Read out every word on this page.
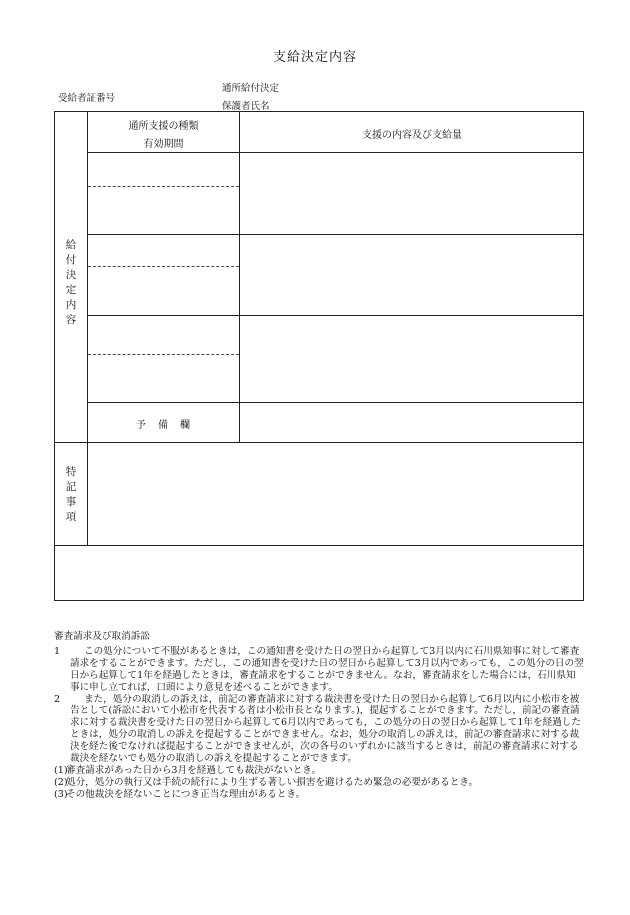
支給決定内容
受給者証番号
通所給付決定
保護者氏名
通所支援の種類
有効期間
支援の内容及び支給量
給付決定内容
特記事項
予　備　欄

審査請求及び取消訴訟

1 この処分について不服があるときは，この通知書を受けた日の翌日から起算して3月以内に石川県知事に対して審査請求をすることができます。ただし，この通知書を受けた日の翌日から起算して3月以内であっても，この処分の日の翌日から起算して1年を経過したときは，審査請求をすることができません。なお，審査請求をした場合には，石川県知事に申し立てれば，口頭により意見を述べることができます。

2 また，処分の取消しの訴えは，前記の審査請求に対する裁決書を受けた日の翌日から起算して6月以内に小松市を被告として(訴訟において小松市を代表する者は小松市長となります。)，提起することができます。ただし，前記の審査請求に対する裁決書を受けた日の翌日から起算して6月以内であっても，この処分の日の翌日から起算して1年を経過したときは，処分の取消しの訴えを提起することができません。なお，処分の取消しの訴えは，前記の審査請求に対する裁決を経た後でなければ提起することができませんが，次の各号のいずれかに該当するときは，前記の審査請求に対する裁決を経ないでも処分の取消しの訴えを提起することができます。

(1)
審査請求があった日から3月を経過しても裁決がないとき。

(2)
処分，処分の執行又は手続の続行により生ずる著しい損害を避けるため緊急の必要があるとき。

(3)
その他裁決を経ないことにつき正当な理由があるとき。
